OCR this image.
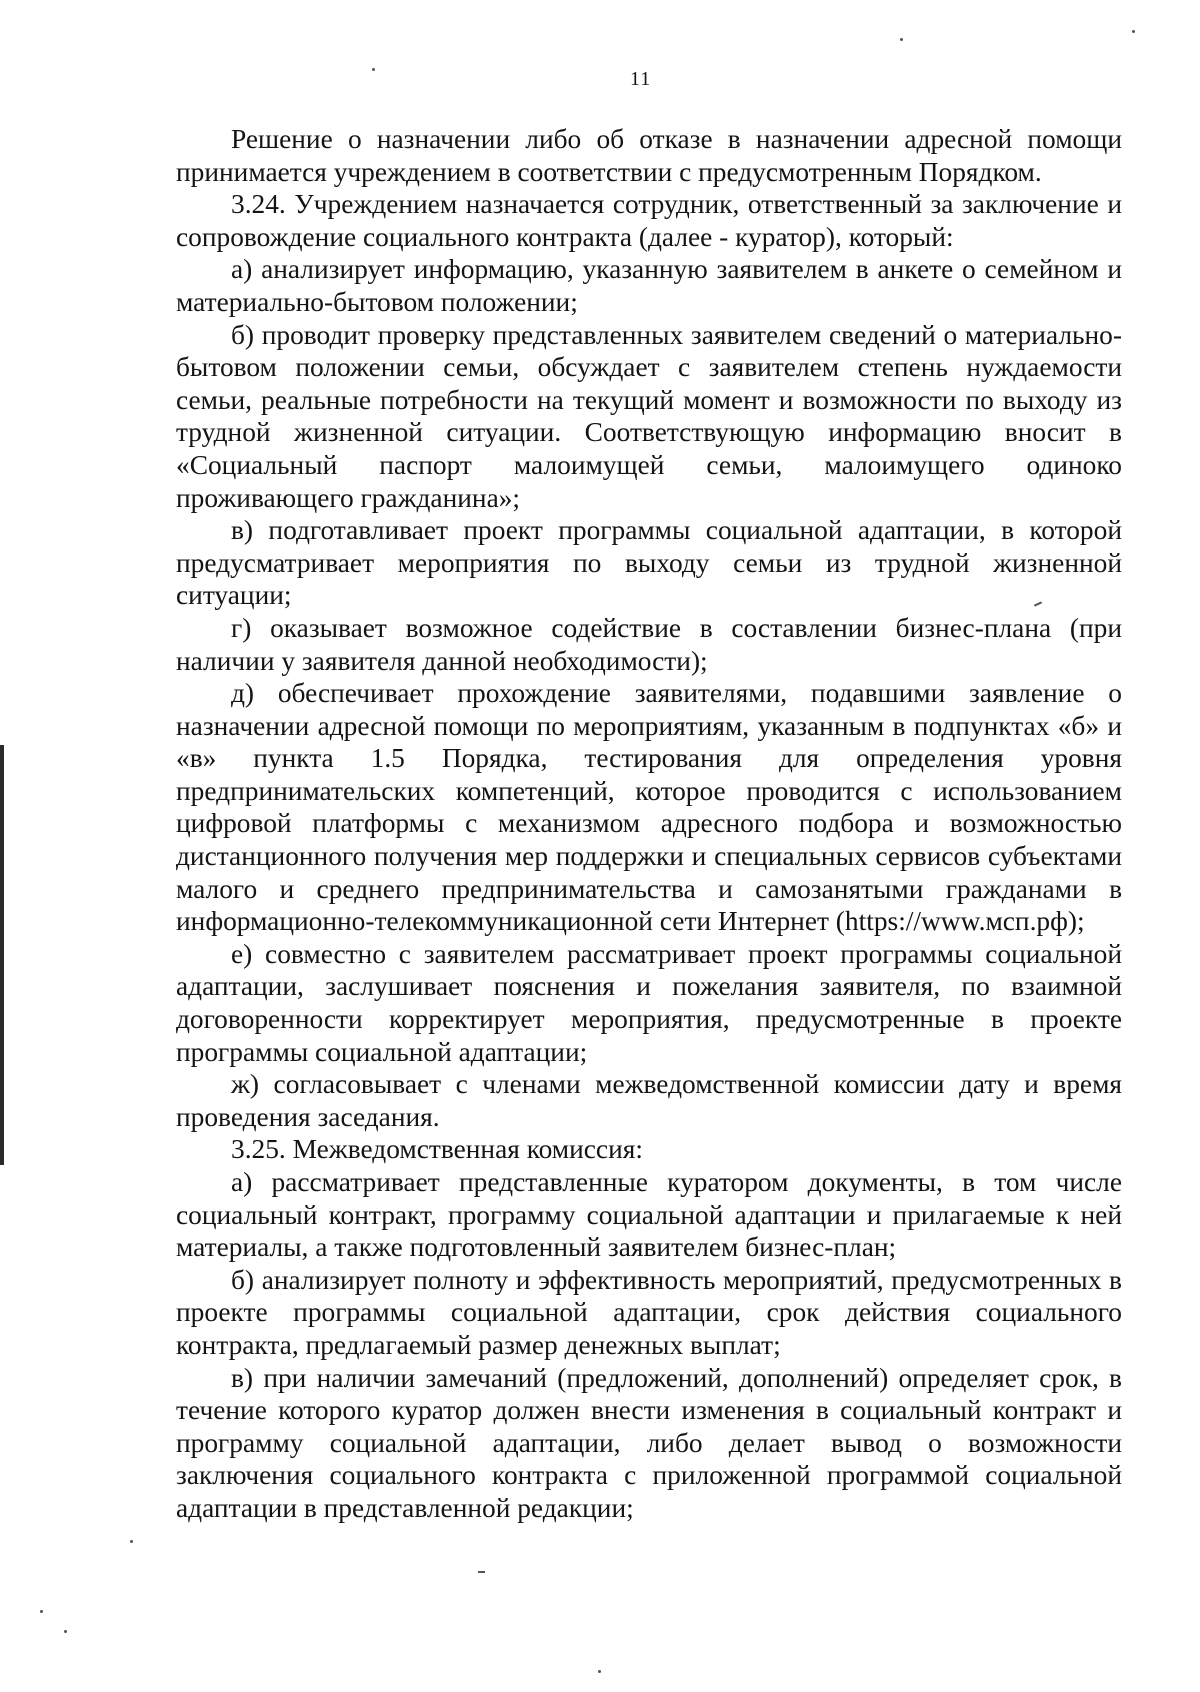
11

Решение о назначении либо об отказе в назначении адресной помощи принимается учреждением в соответствии с предусмотренным Порядком.

3.24. Учреждением назначается сотрудник, ответственный за заключение и сопровождение социального контракта (далее - куратор), который:

а) анализирует информацию, указанную заявителем в анкете о семейном и материально-бытовом положении;

б) проводит проверку представленных заявителем сведений о материально-бытовом положении семьи, обсуждает с заявителем степень нуждаемости семьи, реальные потребности на текущий момент и возможности по выходу из трудной жизненной ситуации. Соответствующую информацию вносит в «Социальный паспорт малоимущей семьи, малоимущего одиноко проживающего гражданина»;

в) подготавливает проект программы социальной адаптации, в которой предусматривает мероприятия по выходу семьи из трудной жизненной ситуации;

г) оказывает возможное содействие в составлении бизнес-плана (при наличии у заявителя данной необходимости);

д) обеспечивает прохождение заявителями, подавшими заявление о назначении адресной помощи по мероприятиям, указанным в подпунктах «б» и «в» пункта 1.5 Порядка, тестирования для определения уровня предпринимательских компетенций, которое проводится с использованием цифровой платформы с механизмом адресного подбора и возможностью дистанционного получения мер поддержки и специальных сервисов субъектами малого и среднего предпринимательства и самозанятыми гражданами в информационно-телекоммуникационной сети Интернет (https://www.мсп.рф);

е) совместно с заявителем рассматривает проект программы социальной адаптации, заслушивает пояснения и пожелания заявителя, по взаимной договоренности корректирует мероприятия, предусмотренные в проекте программы социальной адаптации;

ж) согласовывает с членами межведомственной комиссии дату и время проведения заседания.

3.25. Межведомственная комиссия:

а) рассматривает представленные куратором документы, в том числе социальный контракт, программу социальной адаптации и прилагаемые к ней материалы, а также подготовленный заявителем бизнес-план;

б) анализирует полноту и эффективность мероприятий, предусмотренных в проекте программы социальной адаптации, срок действия социального контракта, предлагаемый размер денежных выплат;

в) при наличии замечаний (предложений, дополнений) определяет срок, в течение которого куратор должен внести изменения в социальный контракт и программу социальной адаптации, либо делает вывод о возможности заключения социального контракта с приложенной программой социальной адаптации в представленной редакции;
